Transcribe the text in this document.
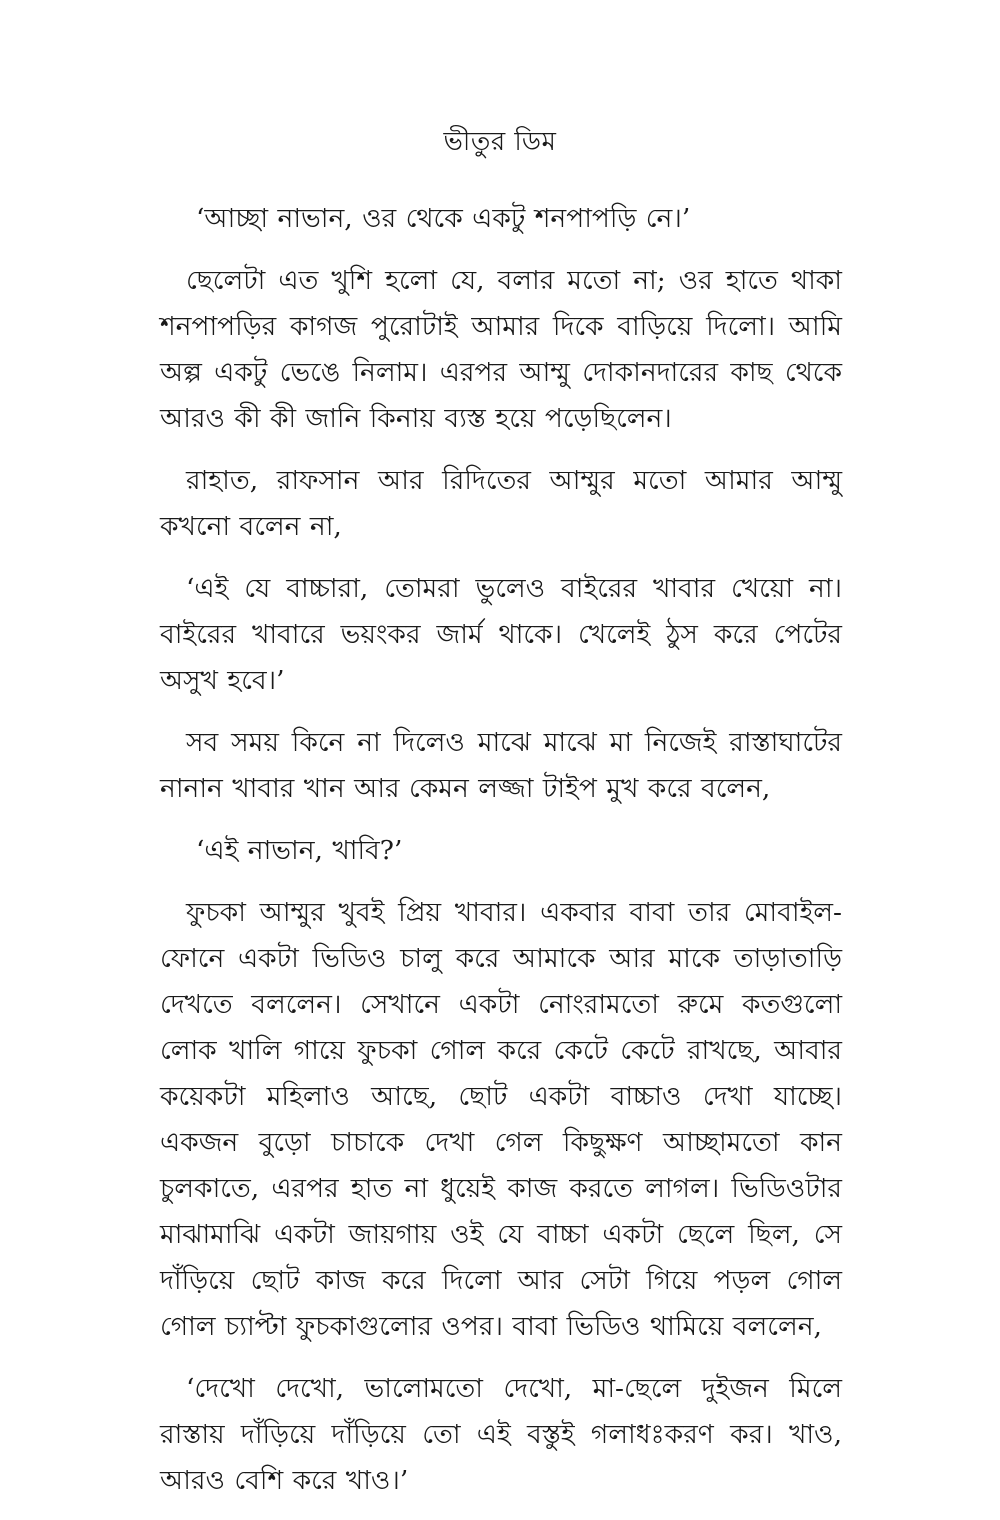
ভীতুর ডিম

‘আচ্ছা নাভান, ওর থেকে একটু শনপাপড়ি নে।’

ছেলেটা এত খুশি হলো যে, বলার মতো না; ওর হাতে থাকা শনপাপড়ির কাগজ পুরোটাই আমার দিকে বাড়িয়ে দিলো। আমি অল্প একটু ভেঙে নিলাম। এরপর আম্মু দোকানদারের কাছ থেকে আরও কী কী জানি কিনায় ব্যস্ত হয়ে পড়েছিলেন।

রাহাত, রাফসান আর রিদিতের আম্মুর মতো আমার আম্মু কখনো বলেন না,

‘এই যে বাচ্চারা, তোমরা ভুলেও বাইরের খাবার খেয়ো না। বাইরের খাবারে ভয়ংকর জার্ম থাকে। খেলেই ঠুস করে পেটের অসুখ হবে।’

সব সময় কিনে না দিলেও মাঝে মাঝে মা নিজেই রাস্তাঘাটের নানান খাবার খান আর কেমন লজ্জা টাইপ মুখ করে বলেন,

‘এই নাভান, খাবি?’

ফুচকা আম্মুর খুবই প্রিয় খাবার। একবার বাবা তার মোবাইল-ফোনে একটা ভিডিও চালু করে আমাকে আর মাকে তাড়াতাড়ি দেখতে বললেন। সেখানে একটা নোংরামতো রুমে কতগুলো লোক খালি গায়ে ফুচকা গোল করে কেটে কেটে রাখছে, আবার কয়েকটা মহিলাও আছে, ছোট একটা বাচ্চাও দেখা যাচ্ছে। একজন বুড়ো চাচাকে দেখা গেল কিছুক্ষণ আচ্ছামতো কান চুলকাতে, এরপর হাত না ধুয়েই কাজ করতে লাগল। ভিডিওটার মাঝামাঝি একটা জায়গায় ওই যে বাচ্চা একটা ছেলে ছিল, সে দাঁড়িয়ে ছোট কাজ করে দিলো আর সেটা গিয়ে পড়ল গোল গোল চ্যাপ্টা ফুচকাগুলোর ওপর। বাবা ভিডিও থামিয়ে বললেন,

‘দেখো দেখো, ভালোমতো দেখো, মা-ছেলে দুইজন মিলে রাস্তায় দাঁড়িয়ে দাঁড়িয়ে তো এই বস্তুই গলাধঃকরণ কর। খাও, আরও বেশি করে খাও।’
